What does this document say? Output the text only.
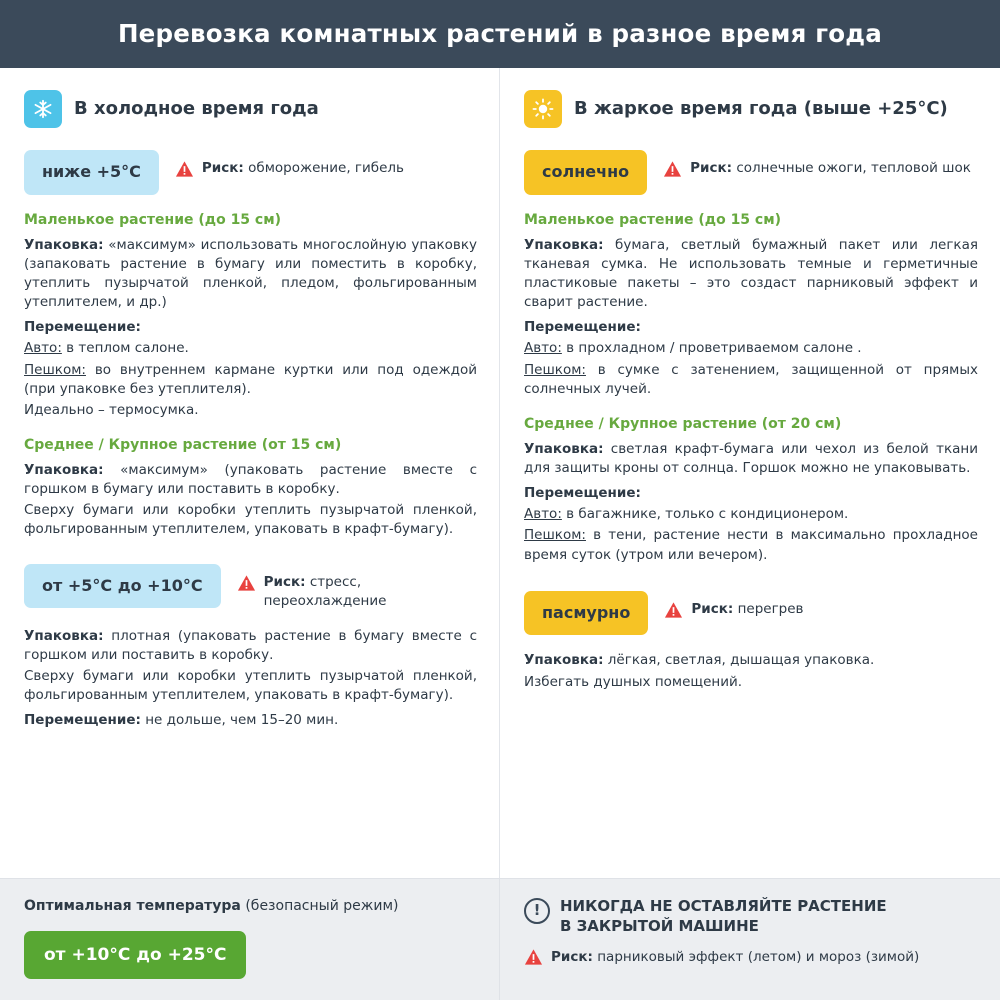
Перевозка комнатных растений в разное время года
В холодное время года
ниже +5°C	Риск: обморожение, гибель
Маленькое растение (до 15 см)

Упаковка: «максимум» использовать многослойную упаковку (запаковать растение в бумагу или поместить в коробку, утеплить пузырчатой пленкой, пледом, фольгированным утеплителем, и др.)

Перемещение:

Авто: в теплом салоне.

Пешком: во внутреннем кармане куртки или под одеждой (при упаковке без утеплителя).

Идеально – термосумка.

Среднее / Крупное растение (от 15 см)

Упаковка: «максимум» (упаковать растение вместе с горшком в бумагу или поставить в коробку.

Сверху бумаги или коробки утеплить пузырчатой пленкой, фольгированным утеплителем, упаковать в крафт-бумагу).

от +5°C до +10°C	Риск: стресс, переохлаждение

Упаковка: плотная (упаковать растение в бумагу вместе с горшком или поставить в коробку.

Сверху бумаги или коробки утеплить пузырчатой пленкой, фольгированным утеплителем, упаковать в крафт-бумагу).

Перемещение: не дольше, чем 15–20 мин.

В жаркое время года (выше +25°C)
солнечно	Риск: солнечные ожоги, тепловой шок
Маленькое растение (до 15 см)

Упаковка: бумага, светлый бумажный пакет или легкая тканевая сумка. Не использовать темные и герметичные пластиковые пакеты – это создаст парниковый эффект и сварит растение.

Перемещение:

Авто: в прохладном / проветриваемом салоне .

Пешком: в сумке с затенением, защищенной от прямых солнечных лучей.

Среднее / Крупное растение (от 20 см)

Упаковка: светлая крафт-бумага или чехол из белой ткани для защиты кроны от солнца. Горшок можно не упаковывать.

Перемещение:

Авто: в багажнике, только с кондиционером.

Пешком: в тени, растение нести в максимально прохладное время суток (утром или вечером).

пасмурно	Риск: перегрев

Упаковка: лёгкая, светлая, дышащая упаковка.

Избегать душных помещений.

Оптимальная температура (безопасный режим)
от +10°C до +25°C
!	НИКОГДА НЕ ОСТАВЛЯЙТЕ РАСТЕНИЕ
В ЗАКРЫТОЙ МАШИНЕ
Риск: парниковый эффект (летом) и мороз (зимой)
